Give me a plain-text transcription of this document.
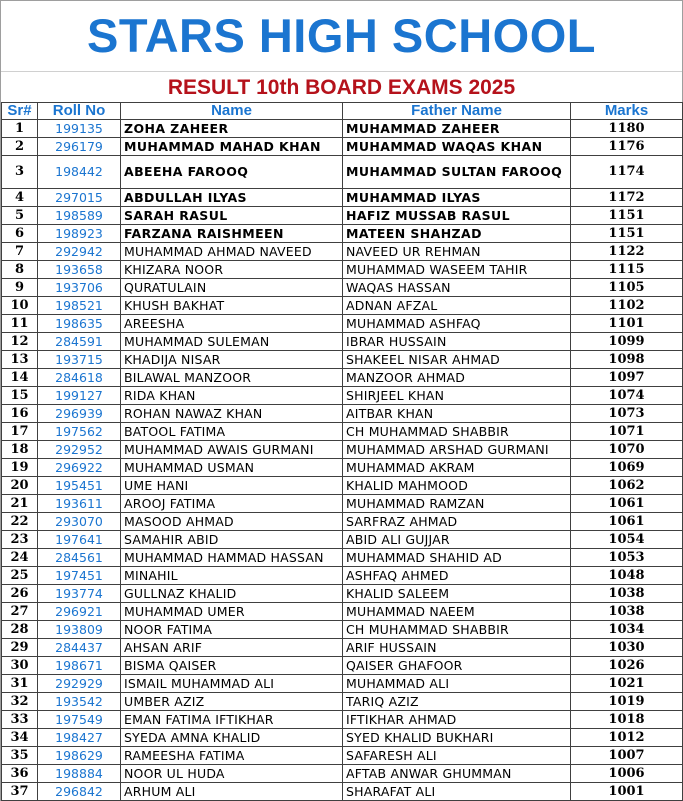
STARS HIGH SCHOOL
RESULT 10th BOARD EXAMS 2025
Sr#	Roll No	Name	Father Name	Marks
1	199135	ZOHA ZAHEER	MUHAMMAD ZAHEER	1180
2	296179	MUHAMMAD MAHAD KHAN	MUHAMMAD WAQAS KHAN	1176
3	198442	ABEEHA FAROOQ	MUHAMMAD SULTAN FAROOQ	1174
4	297015	ABDULLAH ILYAS	MUHAMMAD ILYAS	1172
5	198589	SARAH RASUL	HAFIZ MUSSAB RASUL	1151
6	198923	FARZANA RAISHMEEN	MATEEN SHAHZAD	1151
7	292942	MUHAMMAD AHMAD NAVEED	NAVEED UR REHMAN	1122
8	193658	KHIZARA NOOR	MUHAMMAD WASEEM TAHIR	1115
9	193706	QURATULAIN	WAQAS HASSAN	1105
10	198521	KHUSH BAKHAT	ADNAN AFZAL	1102
11	198635	AREESHA	MUHAMMAD ASHFAQ	1101
12	284591	MUHAMMAD SULEMAN	IBRAR HUSSAIN	1099
13	193715	KHADIJA NISAR	SHAKEEL NISAR AHMAD	1098
14	284618	BILAWAL MANZOOR	MANZOOR AHMAD	1097
15	199127	RIDA KHAN	SHIRJEEL KHAN	1074
16	296939	ROHAN NAWAZ KHAN	AITBAR KHAN	1073
17	197562	BATOOL FATIMA	CH MUHAMMAD SHABBIR	1071
18	292952	MUHAMMAD AWAIS GURMANI	MUHAMMAD ARSHAD GURMANI	1070
19	296922	MUHAMMAD USMAN	MUHAMMAD AKRAM	1069
20	195451	UME HANI	KHALID MAHMOOD	1062
21	193611	AROOJ FATIMA	MUHAMMAD RAMZAN	1061
22	293070	MASOOD AHMAD	SARFRAZ AHMAD	1061
23	197641	SAMAHIR ABID	ABID ALI GUJJAR	1054
24	284561	MUHAMMAD HAMMAD HASSAN	MUHAMMAD SHAHID AD	1053
25	197451	MINAHIL	ASHFAQ AHMED	1048
26	193774	GULLNAZ KHALID	KHALID SALEEM	1038
27	296921	MUHAMMAD UMER	MUHAMMAD NAEEM	1038
28	193809	NOOR FATIMA	CH MUHAMMAD SHABBIR	1034
29	284437	AHSAN ARIF	ARIF HUSSAIN	1030
30	198671	BISMA QAISER	QAISER GHAFOOR	1026
31	292929	ISMAIL MUHAMMAD ALI	MUHAMMAD ALI	1021
32	193542	UMBER AZIZ	TARIQ AZIZ	1019
33	197549	EMAN FATIMA IFTIKHAR	IFTIKHAR AHMAD	1018
34	198427	SYEDA AMNA KHALID	SYED KHALID BUKHARI	1012
35	198629	RAMEESHA FATIMA	SAFARESH ALI	1007
36	198884	NOOR UL HUDA	AFTAB ANWAR GHUMMAN	1006
37	296842	ARHUM ALI	SHARAFAT ALI	1001
